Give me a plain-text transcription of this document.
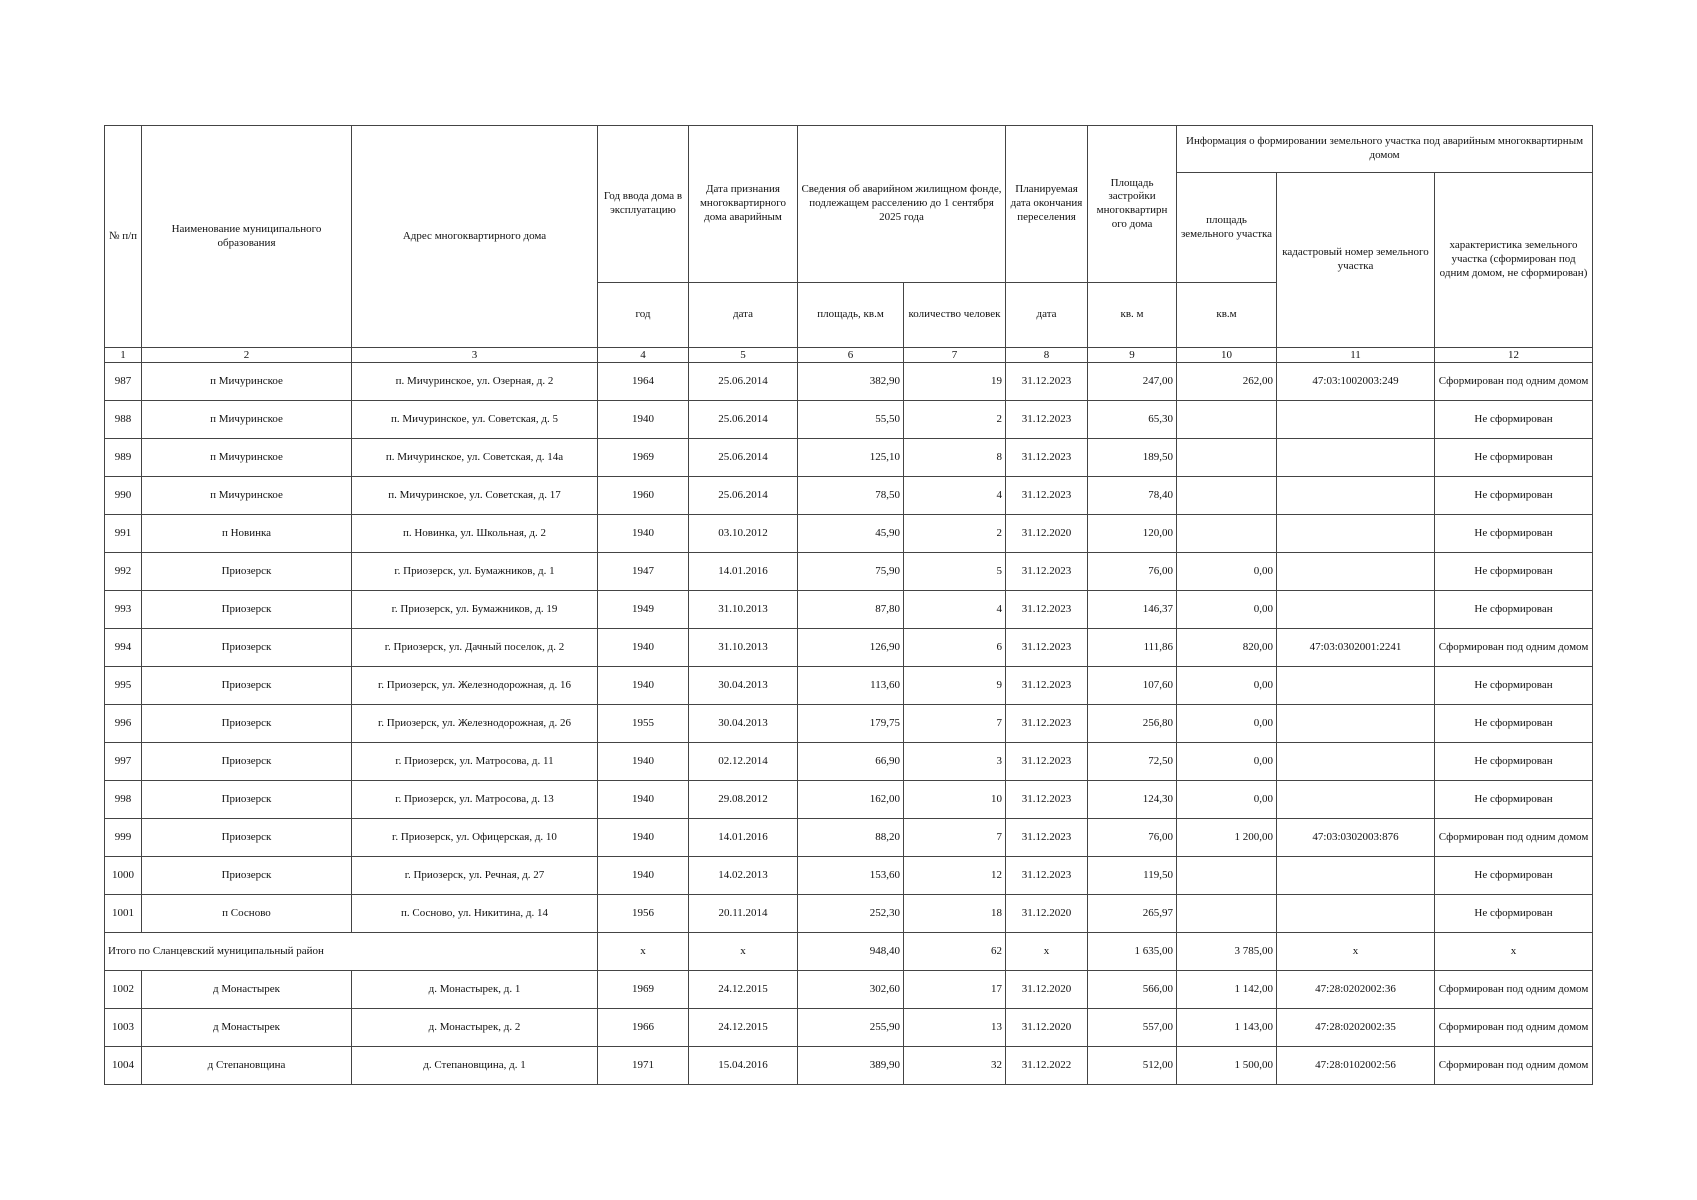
№ п/п	Наименование муниципального образования	Адрес многоквартирного дома	Год ввода дома в эксплуатацию	Дата признания многоквартирного дома аварийным	Сведения об аварийном жилищном фонде, подлежащем расселению до 1 сентября 2025 года		Планируемая дата окончания переселения	Площадь застройки многоквартирн ого дома	Информация о формировании земельного участка под аварийным многоквартирным домом		
									площадь земельного участка	кадастровый номер земельного участка	характеристика земельного участка (сформирован под одним домом, не сформирован)
			год	дата	площадь, кв.м	количество человек	дата	кв. м	кв.м		
1	2	3	4	5	6	7	8	9	10	11	12
987	п Мичуринское	п. Мичуринское, ул. Озерная, д. 2	1964	25.06.2014	382,90	19	31.12.2023	247,00	262,00	47:03:1002003:249	Сформирован под одним домом
988	п Мичуринское	п. Мичуринское, ул. Советская, д. 5	1940	25.06.2014	55,50	2	31.12.2023	65,30			Не сформирован
989	п Мичуринское	п. Мичуринское, ул. Советская, д. 14а	1969	25.06.2014	125,10	8	31.12.2023	189,50			Не сформирован
990	п Мичуринское	п. Мичуринское, ул. Советская, д. 17	1960	25.06.2014	78,50	4	31.12.2023	78,40			Не сформирован
991	п Новинка	п. Новинка, ул. Школьная, д. 2	1940	03.10.2012	45,90	2	31.12.2020	120,00			Не сформирован
992	Приозерск	г. Приозерск, ул. Бумажников, д. 1	1947	14.01.2016	75,90	5	31.12.2023	76,00	0,00		Не сформирован
993	Приозерск	г. Приозерск, ул. Бумажников, д. 19	1949	31.10.2013	87,80	4	31.12.2023	146,37	0,00		Не сформирован
994	Приозерск	г. Приозерск, ул. Дачный поселок, д. 2	1940	31.10.2013	126,90	6	31.12.2023	111,86	820,00	47:03:0302001:2241	Сформирован под одним домом
995	Приозерск	г. Приозерск, ул. Железнодорожная, д. 16	1940	30.04.2013	113,60	9	31.12.2023	107,60	0,00		Не сформирован
996	Приозерск	г. Приозерск, ул. Железнодорожная, д. 26	1955	30.04.2013	179,75	7	31.12.2023	256,80	0,00		Не сформирован
997	Приозерск	г. Приозерск, ул. Матросова, д. 11	1940	02.12.2014	66,90	3	31.12.2023	72,50	0,00		Не сформирован
998	Приозерск	г. Приозерск, ул. Матросова, д. 13	1940	29.08.2012	162,00	10	31.12.2023	124,30	0,00		Не сформирован
999	Приозерск	г. Приозерск, ул. Офицерская, д. 10	1940	14.01.2016	88,20	7	31.12.2023	76,00	1 200,00	47:03:0302003:876	Сформирован под одним домом
1000	Приозерск	г. Приозерск, ул. Речная, д. 27	1940	14.02.2013	153,60	12	31.12.2023	119,50			Не сформирован
1001	п Сосново	п. Сосново, ул. Никитина, д. 14	1956	20.11.2014	252,30	18	31.12.2020	265,97			Не сформирован
Итого по Сланцевский муниципальный район			x	x	948,40	62	x	1 635,00	3 785,00	x	x
1002	д Монастырек	д. Монастырек, д. 1	1969	24.12.2015	302,60	17	31.12.2020	566,00	1 142,00	47:28:0202002:36	Сформирован под одним домом
1003	д Монастырек	д. Монастырек, д. 2	1966	24.12.2015	255,90	13	31.12.2020	557,00	1 143,00	47:28:0202002:35	Сформирован под одним домом
1004	д Степановщина	д. Степановщина, д. 1	1971	15.04.2016	389,90	32	31.12.2022	512,00	1 500,00	47:28:0102002:56	Сформирован под одним домом
